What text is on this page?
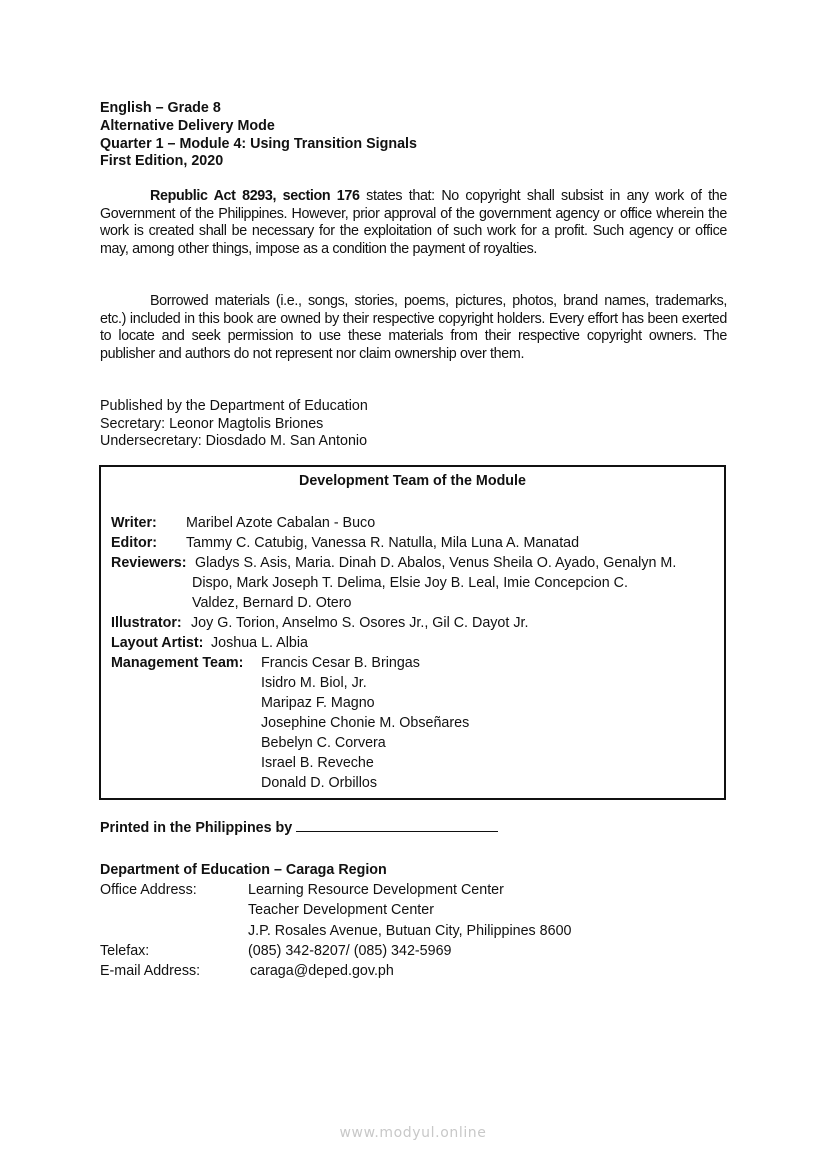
English – Grade 8
Alternative Delivery Mode
Quarter 1 – Module 4: Using Transition Signals
First Edition, 2020

Republic Act 8293, section 176 states that: No copyright shall subsist in any work of the Government of the Philippines. However, prior approval of the government agency or office wherein the work is created shall be necessary for the exploitation of such work for a profit. Such agency or office may, among other things, impose as a condition the payment of royalties.

Borrowed materials (i.e., songs, stories, poems, pictures, photos, brand names, trademarks, etc.) included in this book are owned by their respective copyright holders. Every effort has been exerted to locate and seek permission to use these materials from their respective copyright owners. The publisher and authors do not represent nor claim ownership over them.

Published by the Department of Education
Secretary: Leonor Magtolis Briones
Undersecretary: Diosdado M. San Antonio
Development Team of the Module
Writer: Maribel Azote Cabalan - Buco
Editor: Tammy C. Catubig, Vanessa R. Natulla, Mila Luna A. Manatad
Reviewers: Gladys S. Asis, Maria. Dinah D. Abalos, Venus Sheila O. Ayado, Genalyn M.
Dispo, Mark Joseph T. Delima, Elsie Joy B. Leal, Imie Concepcion C.
Valdez, Bernard D. Otero
Illustrator: Joy G. Torion, Anselmo S. Osores Jr., Gil C. Dayot Jr.
Layout Artist: Joshua L. Albia
Management Team: Francis Cesar B. Bringas
Isidro M. Biol, Jr.
Maripaz F. Magno
Josephine Chonie M. Obseñares
Bebelyn C. Corvera
Israel B. Reveche
Donald D. Orbillos
Printed in the Philippines by
Department of Education – Caraga Region
Office Address:	Learning Resource Development Center
Teacher Development Center
J.P. Rosales Avenue, Butuan City, Philippines 8600
Telefax:	(085) 342-8207/ (085) 342-5969
E-mail Address:	caraga@deped.gov.ph
www.modyul.online
